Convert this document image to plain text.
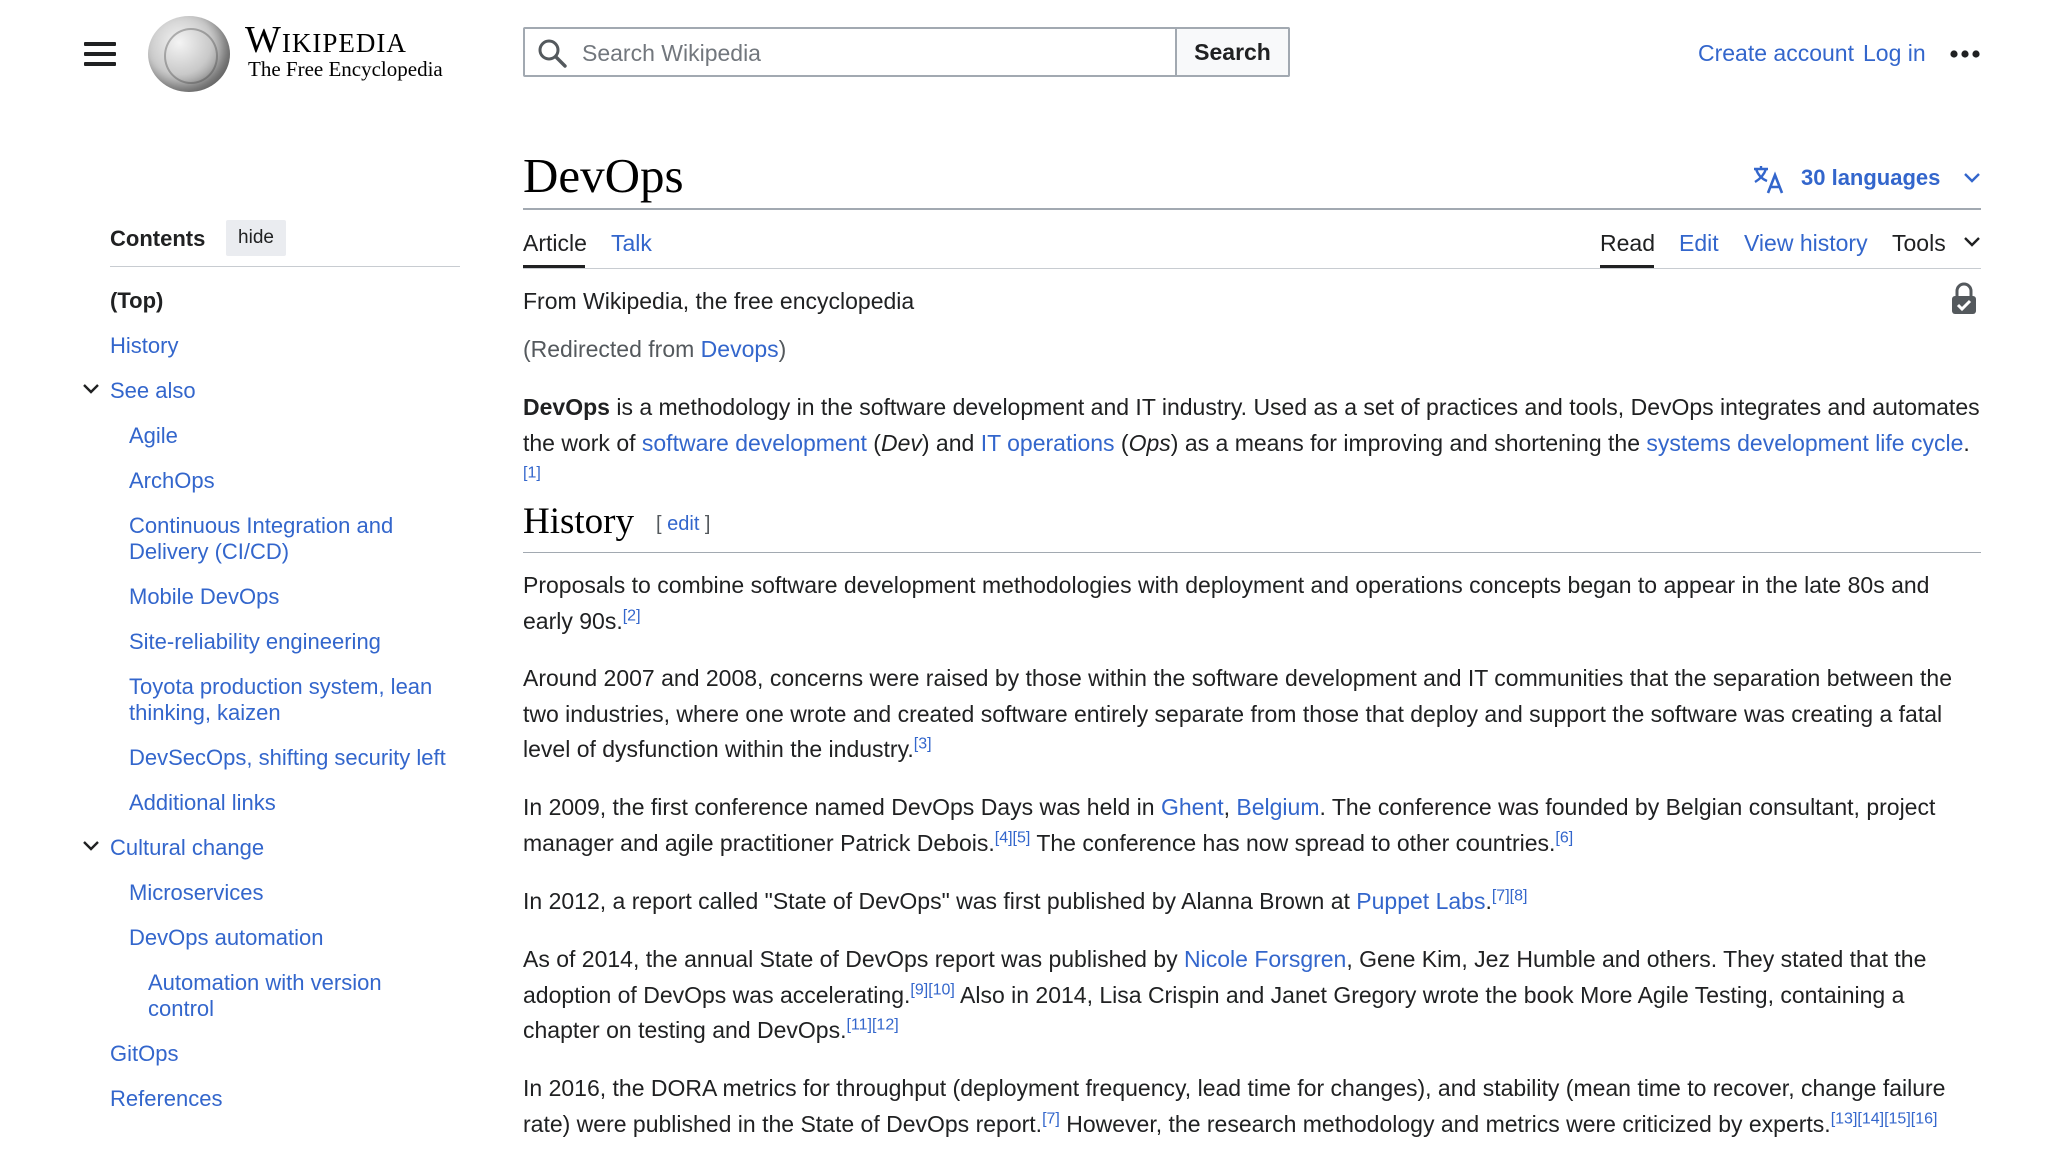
Wikipedia
The Free Encyclopedia
Search Wikipedia
Search	Create account Log in
Contents	hide
(Top)
History
See also
Agile
ArchOps
Continuous Integration and Delivery (CI/CD)
Mobile DevOps
Site-reliability engineering
Toyota production system, lean thinking, kaizen
DevSecOps, shifting security left
Additional links
Cultural change
Microservices
DevOps automation
Automation with version control
GitOps
References
DevOps	30 languages
Article Talk	Read Edit View history Tools
From Wikipedia, the free encyclopedia
(Redirected from Devops)

DevOps is a methodology in the software development and IT industry. Used as a set of practices and tools, DevOps integrates and automates the work of software development (Dev) and IT operations (Ops) as a means for improving and shortening the systems development life cycle.[1]

History [ edit ]

Proposals to combine software development methodologies with deployment and operations concepts began to appear in the late 80s and early 90s.[2]

Around 2007 and 2008, concerns were raised by those within the software development and IT communities that the separation between the two industries, where one wrote and created software entirely separate from those that deploy and support the software was creating a fatal level of dysfunction within the industry.[3]

In 2009, the first conference named DevOps Days was held in Ghent, Belgium. The conference was founded by Belgian consultant, project manager and agile practitioner Patrick Debois.[4][5] The conference has now spread to other countries.[6]

In 2012, a report called "State of DevOps" was first published by Alanna Brown at Puppet Labs.[7][8]

As of 2014, the annual State of DevOps report was published by Nicole Forsgren, Gene Kim, Jez Humble and others. They stated that the adoption of DevOps was accelerating.[9][10] Also in 2014, Lisa Crispin and Janet Gregory wrote the book More Agile Testing, containing a chapter on testing and DevOps.[11][12]

In 2016, the DORA metrics for throughput (deployment frequency, lead time for changes), and stability (mean time to recover, change failure rate) were published in the State of DevOps report.[7] However, the research methodology and metrics were criticized by experts.[13][14][15][16]
